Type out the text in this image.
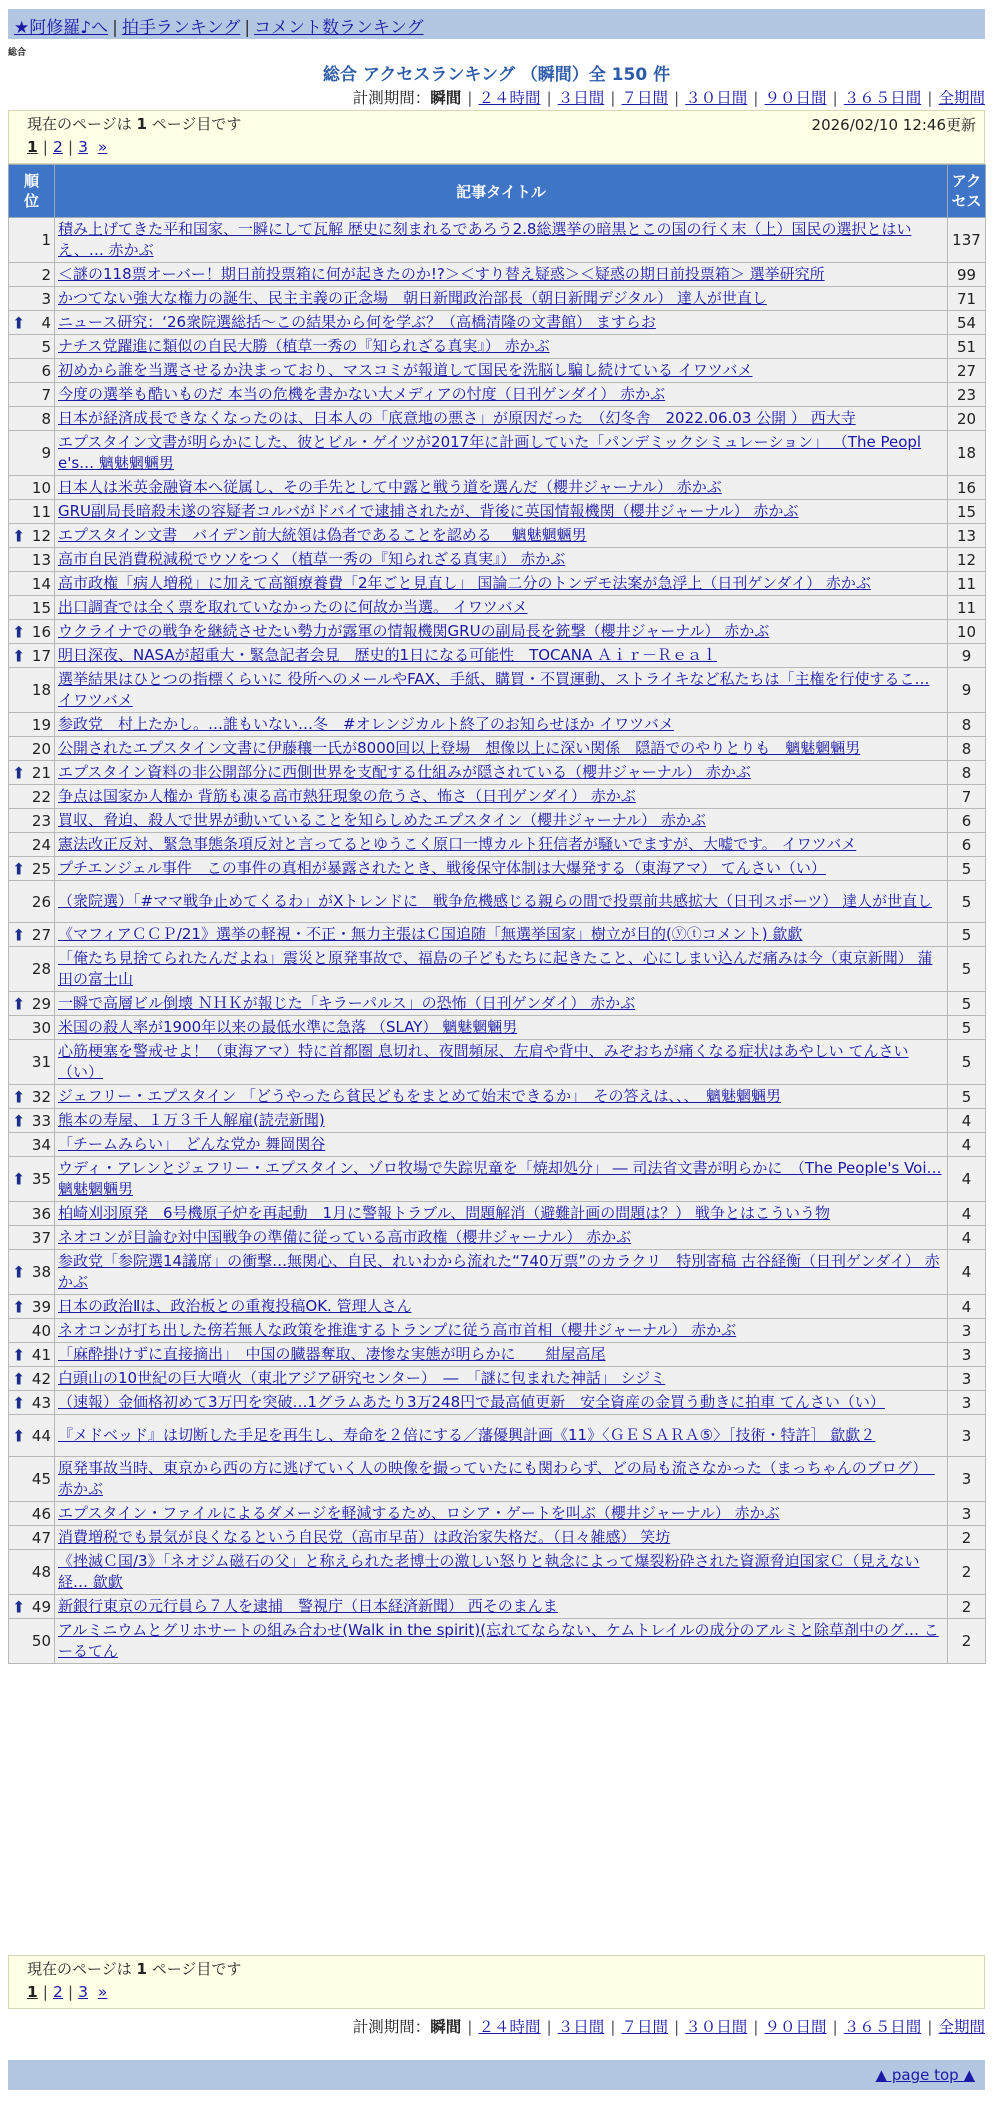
★阿修羅♪へ | 拍手ランキング | コメント数ランキング
総合
総合 アクセスランキング （瞬間）全 150 件
計測期間：瞬間 | ２４時間 | ３日間 | ７日間 | ３０日間 | ９０日間 | ３６５日間 | 全期間
現在のページは 1 ページ目です	2026/02/10 12:46更新
1 | 2 | 3 »
順位	記事タイトル	アクセス
1	積み上げてきた平和国家、一瞬にして瓦解 歴史に刻まれるであろう2.8総選挙の暗黒とこの国の行く末（上）国民の選択とはいえ、… 赤かぶ	137
2	＜謎の118票オーバー！期日前投票箱に何が起きたのか!?＞＜すり替え疑惑＞＜疑惑の期日前投票箱＞ 選挙研究所	99
3	かつてない強大な権力の誕生、民主主義の正念場　朝日新聞政治部長（朝日新聞デジタル） 達人が世直し	71

⬆ 4	ニュース研究：‘26衆院選総括～この結果から何を学ぶ？（高橋清隆の文書館） ますらお	54
5	ナチス党躍進に類似の自民大勝（植草一秀の『知られざる真実』） 赤かぶ	51
6	初めから誰を当選させるか決まっており、マスコミが報道して国民を洗脳し騙し続けている イワツバメ	27
7	今度の選挙も酷いものだ 本当の危機を書かない大メディアの忖度（日刊ゲンダイ） 赤かぶ	23
8	日本が経済成長できなくなったのは、日本人の「底意地の悪さ」が原因だった　（幻冬舎　2022.06.03 公開 ） 西大寺	20
9	エプスタイン文書が明らかにした、彼とビル・ゲイツが2017年に計画していた「パンデミックシミュレーション」 （The People's… 魑魅魍魎男	18
10	日本人は米英金融資本へ従属し、その手先として中露と戦う道を選んだ（櫻井ジャーナル） 赤かぶ	16
11	GRU副局長暗殺未遂の容疑者コルバがドバイで逮捕されたが、背後に英国情報機関（櫻井ジャーナル） 赤かぶ	15

⬆ 12	エプスタイン文書　バイデン前大統領は偽者であることを認める　 魑魅魍魎男	13
13	高市自民消費税減税でウソをつく（植草一秀の『知られざる真実』） 赤かぶ	12
14	高市政権「病人増税」に加えて高額療養費「2年ごと見直し」 国論二分のトンデモ法案が急浮上（日刊ゲンダイ） 赤かぶ	11
15	出口調査では全く票を取れていなかったのに何故か当選。 イワツバメ	11

⬆ 16	ウクライナでの戦争を継続させたい勢力が露軍の情報機関GRUの副局長を銃撃（櫻井ジャーナル） 赤かぶ	10

⬆ 17	明日深夜、NASAが超重大・緊急記者会見　歴史的1日になる可能性　TOCANA Ａｉｒ－Ｒｅａｌ	9
18	選挙結果はひとつの指標くらいに 役所へのメールやFAX、手紙、購買・不買運動、ストライキなど私たちは「主権を行使するこ… イワツバメ	9
19	参政党　村上たかし。…誰もいない…冬　#オレンジカルト終了のお知らせほか イワツバメ	8
20	公開されたエプスタイン文書に伊藤穰一氏が8000回以上登場　想像以上に深い関係　隠語でのやりとりも　魑魅魍魎男	8

⬆ 21	エプスタイン資料の非公開部分に西側世界を支配する仕組みが隠されている（櫻井ジャーナル） 赤かぶ	8
22	争点は国家か人権か 背筋も凍る高市熱狂現象の危うさ、怖さ（日刊ゲンダイ） 赤かぶ	7
23	買収、脅迫、殺人で世界が動いていることを知らしめたエプスタイン（櫻井ジャーナル） 赤かぶ	6
24	憲法改正反対、緊急事態条項反対と言ってるとゆうこく原口一博カルト狂信者が騒いでますが、大嘘です。 イワツバメ	6

⬆ 25	プチエンジェル事件　この事件の真相が暴露されたとき、戦後保守体制は大爆発する（東海アマ） てんさい（い）	5
26	（衆院選）「#ママ戦争止めてくるわ」がXトレンドに　戦争危機感じる親らの間で投票前共感拡大（日刊スポーツ） 達人が世直し	5

⬆ 27	《マフィアＣＣＰ/21》選挙の軽視・不正・無力主張はＣ国追随「無選挙国家」樹立が目的(ⓨⓣコメント) 歙歔	5
28	「俺たち見捨てられたんだよね」震災と原発事故で、福島の子どもたちに起きたこと、心にしまい込んだ痛みは今（東京新聞） 蒲田の富士山	5

⬆ 29	一瞬で高層ビル倒壊 ＮＨＫが報じた「キラーパルス」の恐怖（日刊ゲンダイ） 赤かぶ	5
30	米国の殺人率が1900年以来の最低水準に急落 （SLAY） 魑魅魍魎男	5
31	心筋梗塞を警戒せよ！（東海アマ）特に首都圏 息切れ、夜間頻尿、左肩や背中、みぞおちが痛くなる症状はあやしい てんさい（い）	5

⬆ 32	ジェフリー・エプスタイン 「どうやったら貧民どもをまとめて始末できるか」　その答えは、、、　魑魅魍魎男	5

⬆ 33	熊本の寿屋、１万３千人解雇(読売新聞)	4
34	「チームみらい」　どんな党か 舞岡関谷	4

⬆ 35	ウディ・アレンとジェフリー・エプスタイン、ゾロ牧場で失踪児童を「焼却処分」 ― 司法省文書が明らかに　（The People's Voi… 魑魅魍魎男	4
36	柏崎刈羽原発　6号機原子炉を再起動　1月に警報トラブル、問題解消（避難計画の問題は？） 戦争とはこういう物	4
37	ネオコンが目論む対中国戦争の準備に従っている高市政権（櫻井ジャーナル） 赤かぶ	4

⬆ 38	参政党「参院選14議席」の衝撃…無関心、自民、れいわから流れた“740万票”のカラクリ　特別寄稿 古谷経衡（日刊ゲンダイ） 赤かぶ	4

⬆ 39	日本の政治Ⅱは、政治板との重複投稿OK. 管理人さん	4
40	ネオコンが打ち出した傍若無人な政策を推進するトランプに従う高市首相（櫻井ジャーナル） 赤かぶ	3

⬆ 41	「麻酔掛けずに直接摘出」　中国の臓器奪取、凄惨な実態が明らかに　　紺屋高尾	3

⬆ 42	白頭山の10世紀の巨大噴火（東北アジア研究センター）　―　「謎に包まれた神話」 シジミ	3

⬆ 43	（速報）金価格初めて3万円を突破…1グラムあたり3万248円で最高値更新　安全資産の金買う動きに拍車 てんさい（い）	3

⬆ 44	『メドベッド』は切断した手足を再生し、寿命を２倍にする／藩優興計画《11》〈ＧＥＳＡＲＡ⑤〉［技術・特許］ 歙歔２	3
45	原発事故当時、東京から西の方に逃げていく人の映像を撮っていたにも関わらず、どの局も流さなかった（まっちゃんのブログ）　赤かぶ	3
46	エプスタイン・ファイルによるダメージを軽減するため、ロシア・ゲートを叫ぶ（櫻井ジャーナル） 赤かぶ	3
47	消費増税でも景気が良くなるという自民党（高市早苗）は政治家失格だ。（日々雑感） 笑坊	2
48	《挫滅Ｃ国/3》「ネオジム磁石の父」と称えられた老博士の激しい怒りと執念によって爆裂粉砕された資源脅迫国家Ｃ（見えない経… 歙歔	2

⬆ 49	新銀行東京の元行員ら７人を逮捕　警視庁（日本経済新聞） 西そのまんま	2
50	アルミニウムとグリホサートの組み合わせ(Walk in the spirit)(忘れてならない、ケムトレイルの成分のアルミと除草剤中のグ… こーるてん	2
現在のページは 1 ページ目です
1 | 2 | 3 »
計測期間：瞬間 | ２４時間 | ３日間 | ７日間 | ３０日間 | ９０日間 | ３６５日間 | 全期間
▲ page top ▲
